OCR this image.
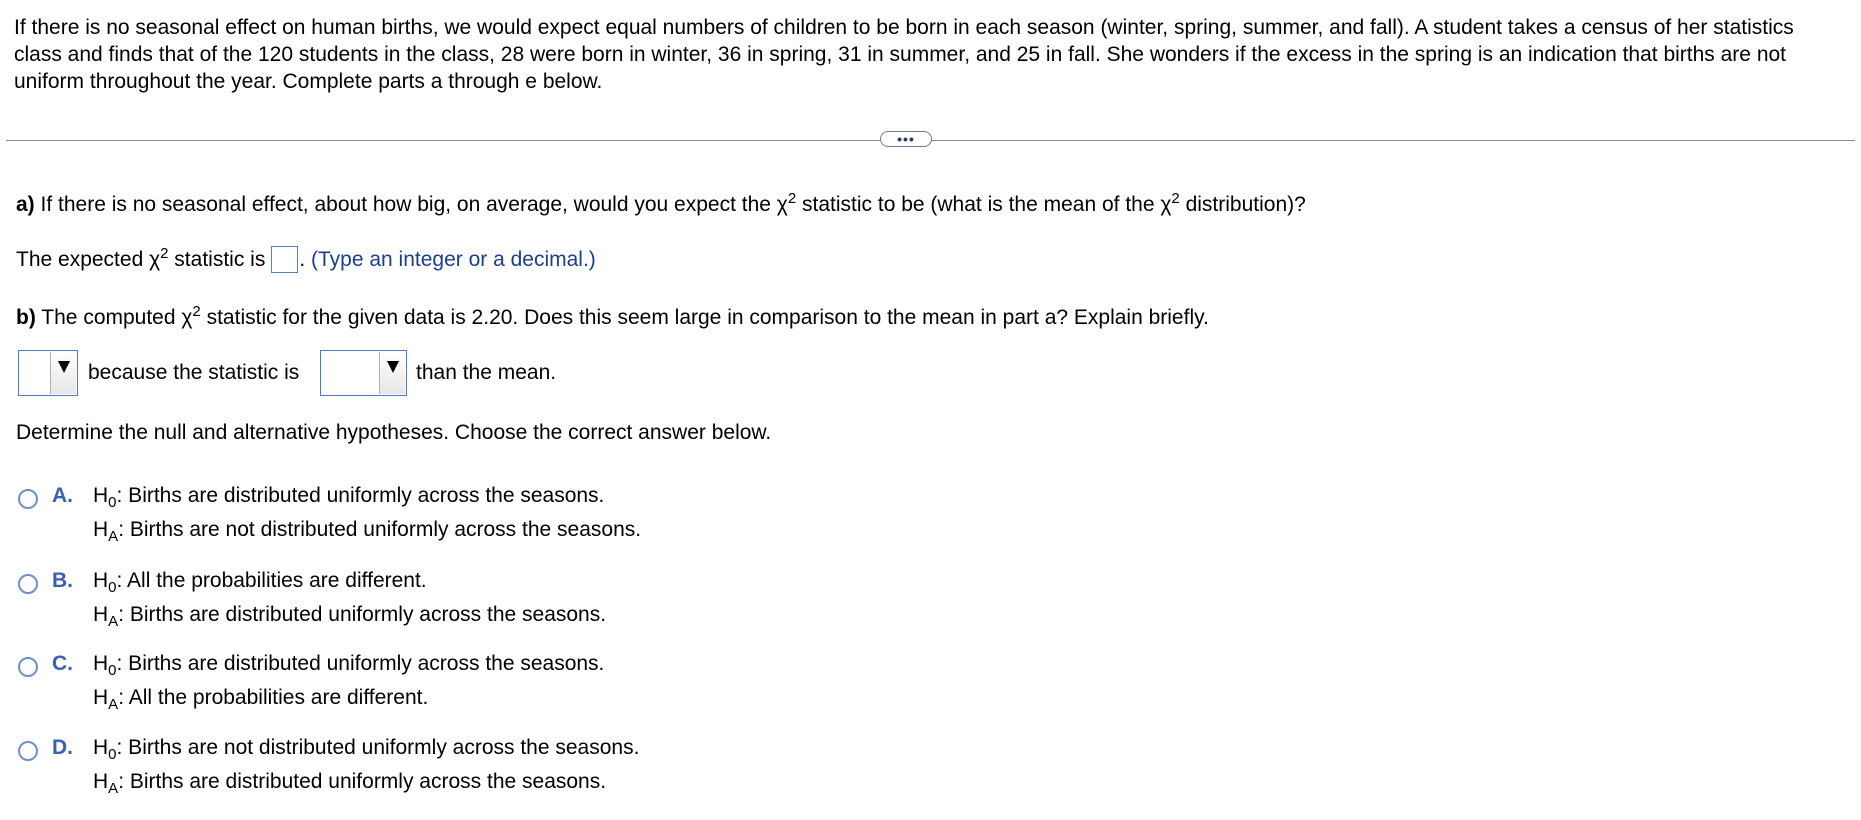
If there is no seasonal effect on human births, we would expect equal numbers of children to be born in each season (winter, spring, summer, and fall). A student takes a census of her statistics class and finds that of the 120 students in the class, 28 were born in winter, 36 in spring, 31 in summer, and 25 in fall. She wonders if the excess in the spring is an indication that births are not uniform throughout the year. Complete parts a through e below.
•••
a) If there is no seasonal effect, about how big, on average, would you expect the $\chi^2$ statistic to be (what is the mean of the $\chi^2$ distribution)?
The expected $\chi^2$ statistic is . (Type an integer or a decimal.)
b) The computed $\chi^2$ statistic for the given data is 2.20. Does this seem large in comparison to the mean in part a? Explain briefly.
because the statistic is	than the mean.
Determine the null and alternative hypotheses. Choose the correct answer below.
A. $H_0$: Births are distributed uniformly across the seasons.
$H_A$: Births are not distributed uniformly across the seasons.
B. $H_0$: All the probabilities are different.
$H_A$: Births are distributed uniformly across the seasons.
C. $H_0$: Births are distributed uniformly across the seasons.
$H_A$: All the probabilities are different.
D. $H_0$: Births are not distributed uniformly across the seasons.
$H_A$: Births are distributed uniformly across the seasons.
